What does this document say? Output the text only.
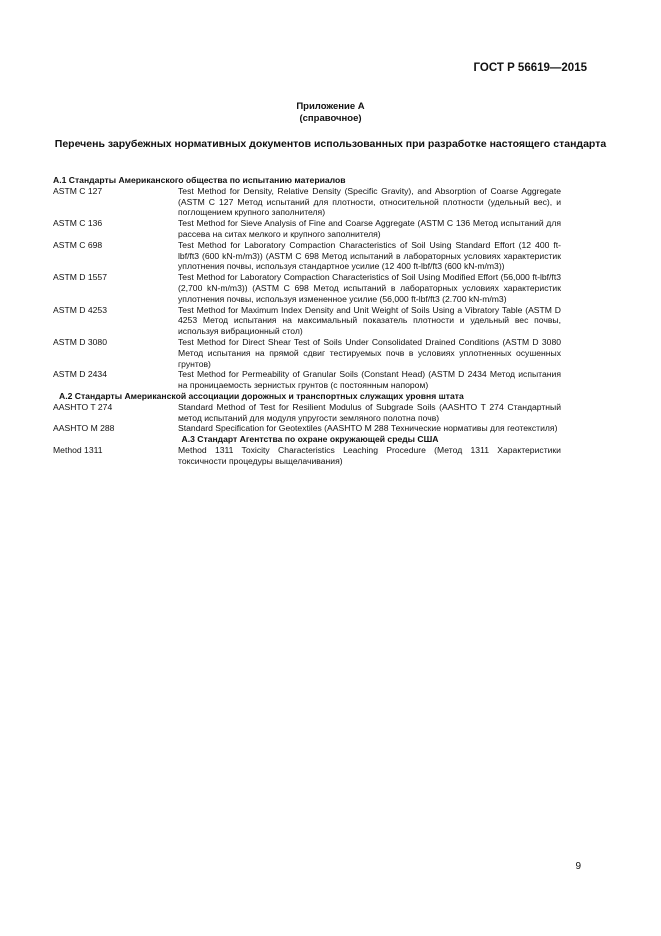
ГОСТ Р 56619—2015
Приложение А
(справочное)
Перечень зарубежных нормативных документов использованных при разработке настоящего стандарта
А.1 Стандарты Американского общества по испытанию материалов
ASTM C 127	Test Method for Density, Relative Density (Specific Gravity), and Absorption of Coarse Aggregate (ASTM C 127 Метод испытаний для плотности, относительной плотности (удельный вес), и поглощением крупного заполнителя)
ASTM C 136	Test Method for Sieve Analysis of Fine and Coarse Aggregate (ASTM C 136 Метод испытаний для рассева на ситах мелкого и крупного заполнителя)
ASTM C 698	Test Method for Laboratory Compaction Characteristics of Soil Using Standard Effort (12 400 ft-lbf/ft3 (600 kN-m/m3)) (ASTM C 698 Метод испытаний в лабораторных условиях характеристик уплотнения почвы, используя стандартное усилие (12 400 ft-lbf/ft3 (600 kN-m/m3))
ASTM D 1557	Test Method for Laboratory Compaction Characteristics of Soil Using Modified Effort (56,000 ft-lbf/ft3 (2,700 kN-m/m3)) (ASTM C 698 Метод испытаний в лабораторных условиях характеристик уплотнения почвы, используя измененное усилие (56,000 ft-lbf/ft3 (2.700 kN-m/m3)
ASTM D 4253	Test Method for Maximum Index Density and Unit Weight of Soils Using a Vibratory Table (ASTM D 4253 Метод испытания на максимальный показатель плотности и удельный вес почвы, используя вибрационный стол)
ASTM D 3080	Test Method for Direct Shear Test of Soils Under Consolidated Drained Conditions (ASTM D 3080 Метод испытания на прямой сдвиг тестируемых почв в условиях уплотненных осушенных грунтов)
ASTM D 2434	Test Method for Permeability of Granular Soils (Constant Head) (ASTM D 2434 Метод испытания на проницаемость зернистых грунтов (с постоянным напором)
А.2 Стандарты Американской ассоциации дорожных и транспортных служащих уровня штата
AASHTO T 274	Standard Method of Test for Resilient Modulus of Subgrade Soils (AASHTO T 274 Стандартный метод испытаний для модуля упругости земляного полотна почв)
AASHTO M 288	Standard Specification for Geotextiles (AASHTO M 288 Технические нормативы для геотекстиля)
А.3 Стандарт Агентства по охране окружающей среды США
Method 1311	Method 1311 Toxicity Characteristics Leaching Procedure (Метод 1311 Характеристики токсичности процедуры выщелачивания)
9
